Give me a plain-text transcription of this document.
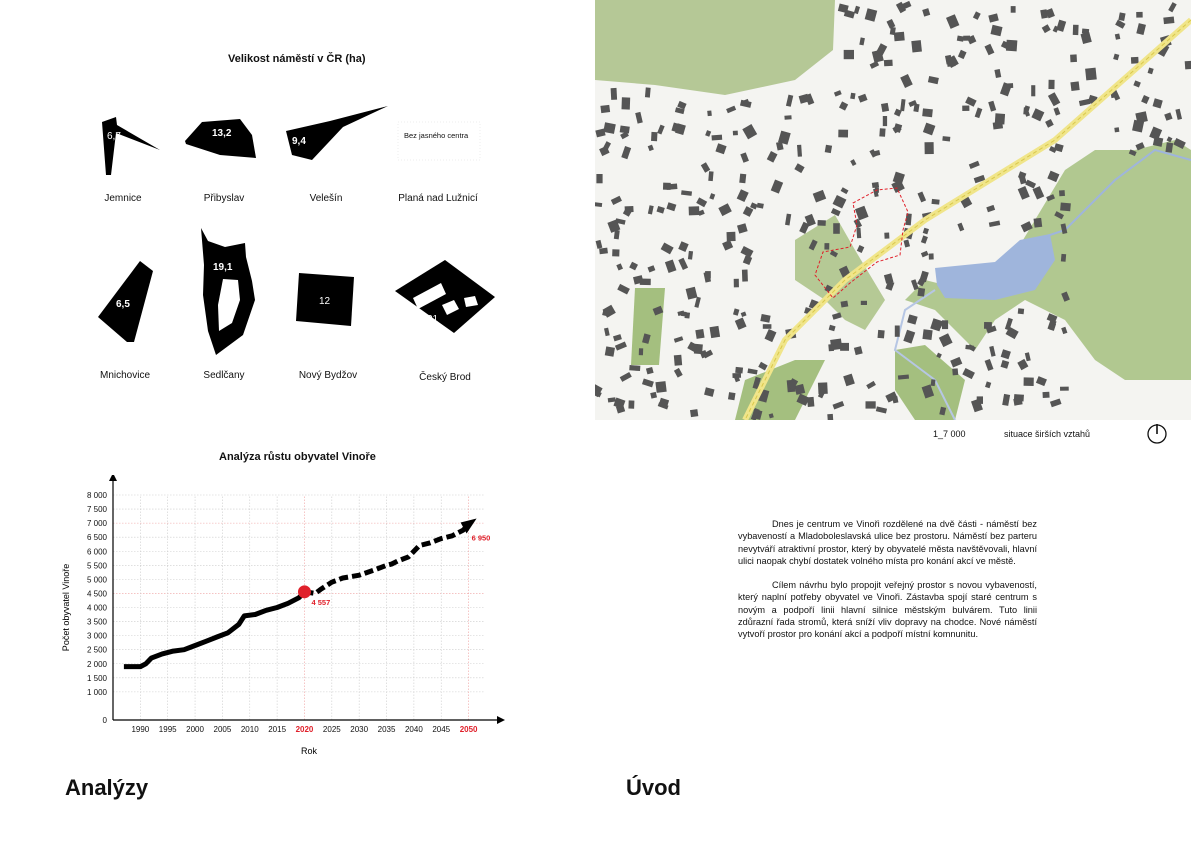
Velikost náměstí v ČR (ha)
6,7	13,2
9,4
Bez jasného centra
6,5
19,1
12
21
Jemnice	Přibyslav	Velešín	Planá nad Lužnicí
Mnichovice	Sedlčany	Nový Bydžov	Český Brod
1_7 000	situace širších vztahů
Analýza růstu obyvatel Vinoře
0
1 000
1 500
2 000
2 500
3 000
3 500
4 000
4 500
5 000
5 500
6 000
6 500
7 000
7 500
8 000
1990 1995 2000 2005 2010 2015 2020 2025 2030 2035 2040 2045 2050
Rok
Počet obyvatel Vinoře	4 557
6 950

Dnes je centrum ve Vinoři rozdělené na dvě části - náměstí bez vybaveností a Mladoboleslavská ulice bez prostoru. Náměstí bez parteru nevytváří atraktivní prostor, který by obyvatelé města navštěvovali, hlavní ulici naopak chybí dostatek volného místa pro konání akcí ve městě.

Cílem návrhu bylo propojit veřejný prostor s novou vybaveností, který naplní potřeby obyvatel ve Vinoři. Zástavba spojí staré centrum s novým a podpoří linii hlavní silnice městským bulvárem. Tuto linii zdůrazní řada stromů, která sníží vliv dopravy na chodce. Nové náměstí vytvoří prostor pro konání akcí a podpoří místní komnunitu.

Analýzy	Úvod
